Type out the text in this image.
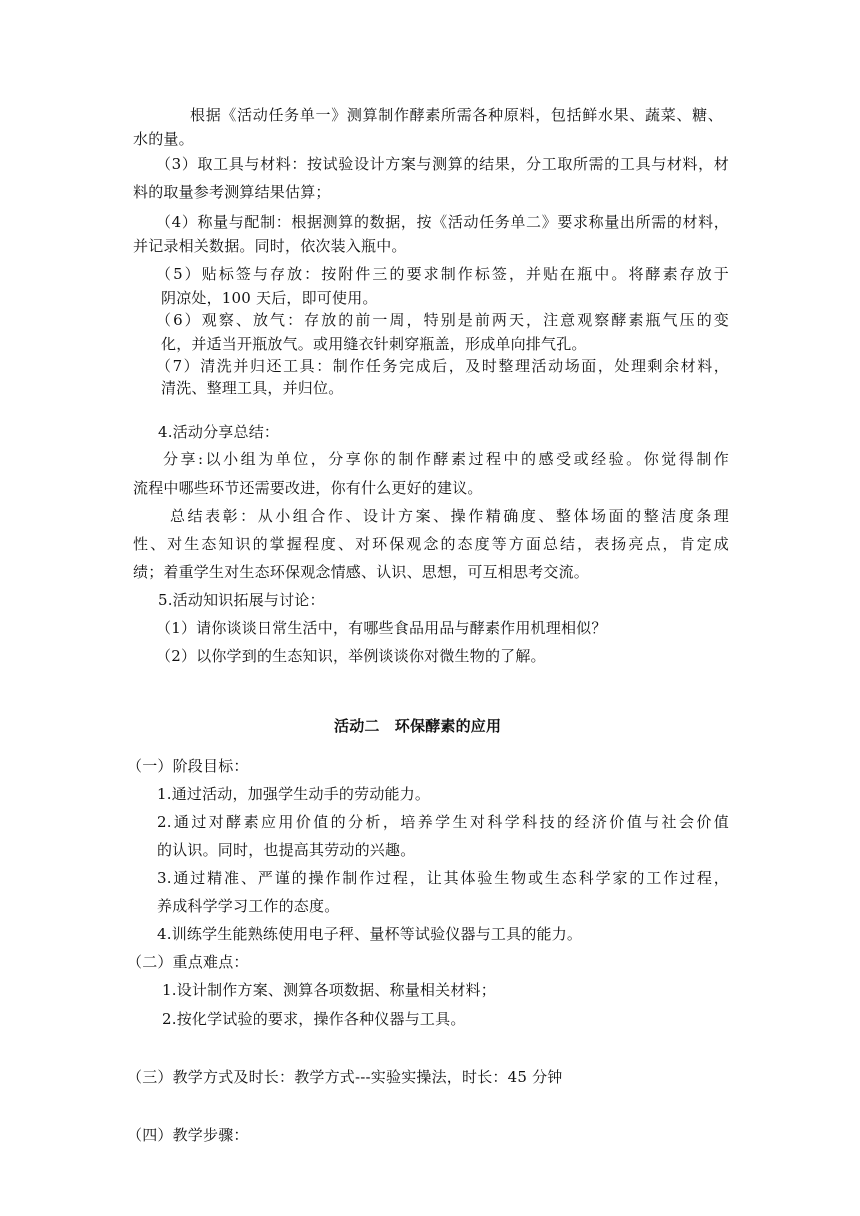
根据《活动任务单一》测算制作酵素所需各种原料，包括鲜水果、蔬菜、糖、

水的量。

（3）取工具与材料：按试验设计方案与测算的结果，分工取所需的工具与材料，材

料的取量参考测算结果估算；

（4）称量与配制：根据测算的数据，按《活动任务单二》要求称量出所需的材料，

并记录相关数据。同时，依次装入瓶中。

（5）贴标签与存放：按附件三的要求制作标签，并贴在瓶中。将酵素存放于

阴凉处，100 天后，即可使用。

（6）观察、放气：存放的前一周，特别是前两天，注意观察酵素瓶气压的变

化，并适当开瓶放气。或用缝衣针刺穿瓶盖，形成单向排气孔。

（7）清洗并归还工具：制作任务完成后，及时整理活动场面，处理剩余材料，

清洗、整理工具，并归位。

4.活动分享总结：

分享:以小组为单位，分享你的制作酵素过程中的感受或经验。你觉得制作

流程中哪些环节还需要改进，你有什么更好的建议。

总结表彰：从小组合作、设计方案、操作精确度、整体场面的整洁度条理

性、对生态知识的掌握程度、对环保观念的态度等方面总结，表扬亮点，肯定成

绩；着重学生对生态环保观念情感、认识、思想，可互相思考交流。

5.活动知识拓展与讨论：

（1）请你谈谈日常生活中，有哪些食品用品与酵素作用机理相似？

（2）以你学到的生态知识，举例谈谈你对微生物的了解。

活动二　环保酵素的应用

（一）阶段目标：

1.通过活动，加强学生动手的劳动能力。

2.通过对酵素应用价值的分析，培养学生对科学科技的经济价值与社会价值

的认识。同时，也提高其劳动的兴趣。

3.通过精准、严谨的操作制作过程，让其体验生物或生态科学家的工作过程，

养成科学学习工作的态度。

4.训练学生能熟练使用电子秤、量杯等试验仪器与工具的能力。

（二）重点难点：

1.设计制作方案、测算各项数据、称量相关材料；

2.按化学试验的要求，操作各种仪器与工具。

（三）教学方式及时长：教学方式---实验实操法，时长：45 分钟

（四）教学步骤：
